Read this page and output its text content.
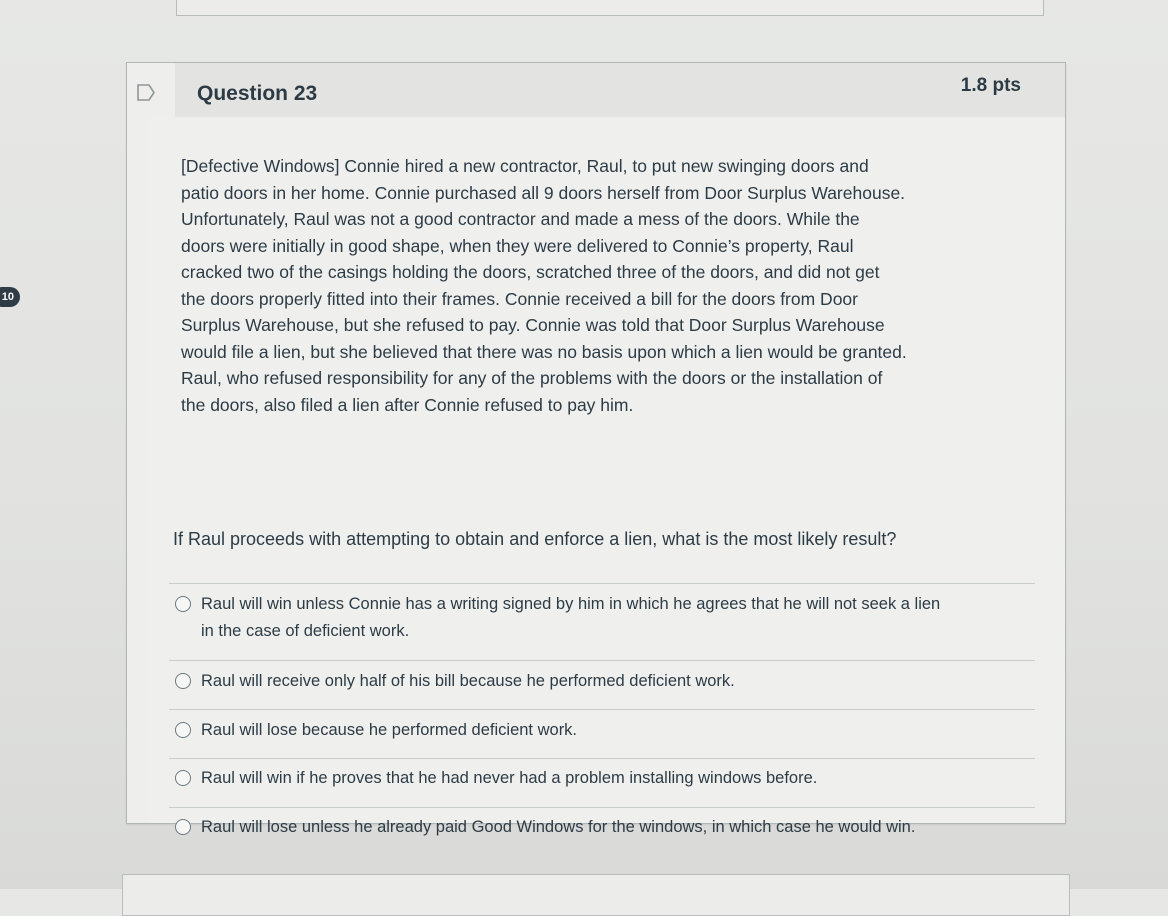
10
Question 23	1.8 pts
[Defective Windows] Connie hired a new contractor, Raul, to put new swinging doors and
patio doors in her home. Connie purchased all 9 doors herself from Door Surplus Warehouse.
Unfortunately, Raul was not a good contractor and made a mess of the doors. While the
doors were initially in good shape, when they were delivered to Connie’s property, Raul
cracked two of the casings holding the doors, scratched three of the doors, and did not get
the doors properly fitted into their frames. Connie received a bill for the doors from Door
Surplus Warehouse, but she refused to pay. Connie was told that Door Surplus Warehouse
would file a lien, but she believed that there was no basis upon which a lien would be granted.
Raul, who refused responsibility for any of the problems with the doors or the installation of
the doors, also filed a lien after Connie refused to pay him.
If Raul proceeds with attempting to obtain and enforce a lien, what is the most likely result?
Raul will win unless Connie has a writing signed by him in which he agrees that he will not seek a lien
in the case of deficient work.
Raul will receive only half of his bill because he performed deficient work.
Raul will lose because he performed deficient work.
Raul will win if he proves that he had never had a problem installing windows before.
Raul will lose unless he already paid Good Windows for the windows, in which case he would win.
